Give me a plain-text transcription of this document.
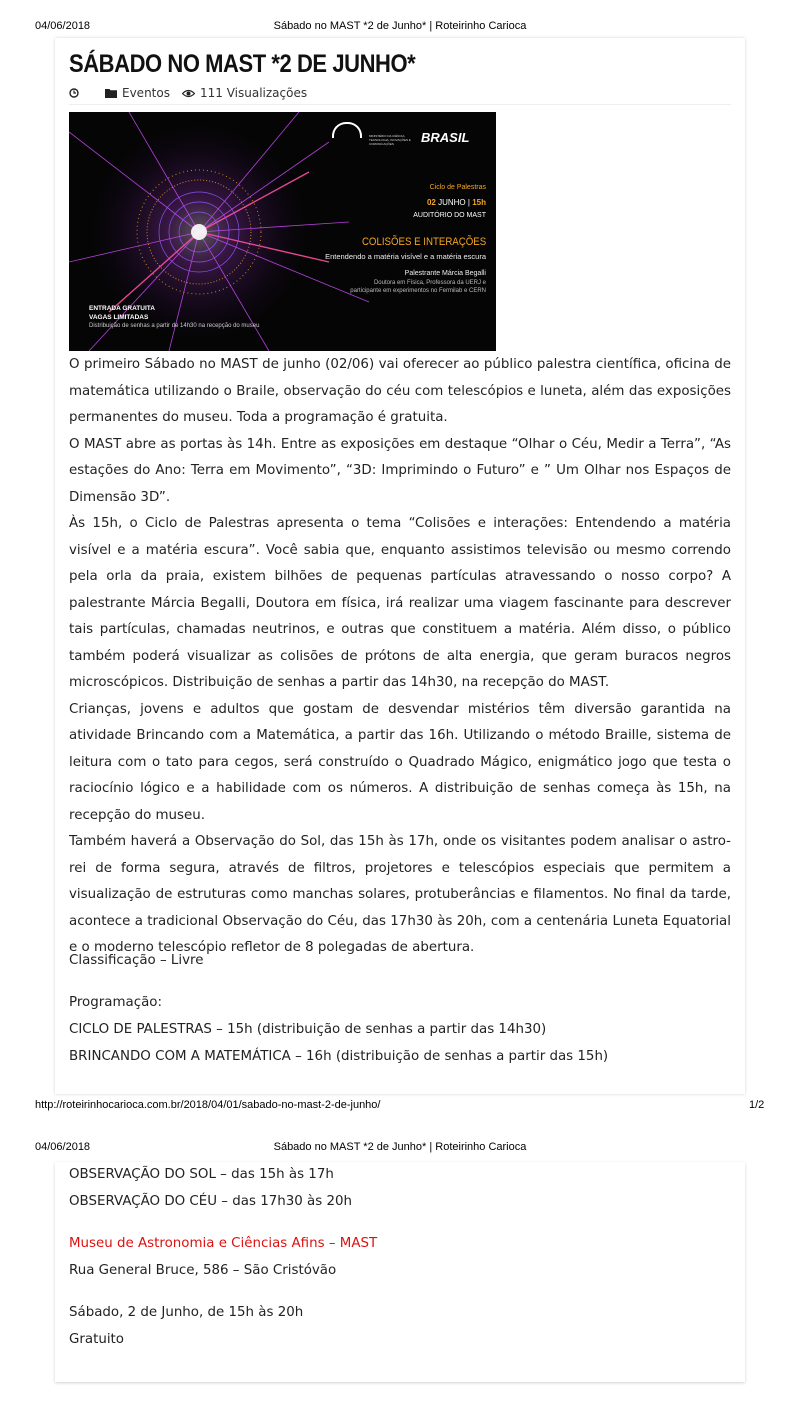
04/06/2018	Sábado no MAST *2 de Junho* | Roteirinho Carioca
SÁBADO NO MAST *2 DE JUNHO*
Eventos	111 Visualizações
MINISTÉRIO DA CIÊNCIA, TECNOLOGIA, INOVAÇÕES E COMUNICAÇÕES	BRASIL
Ciclo de Palestras
02 JUNHO | 15h
AUDITÓRIO DO MAST
COLISÕES E INTERAÇÕES
Entendendo a matéria visível e a matéria escura
Palestrante Márcia Begalli
Doutora em Física, Professora da UERJ e
participante em experimentos no Fermilab e CERN
ENTRADA GRATUITA
VAGAS LIMITADAS
Distribuição de senhas a partir de 14h30 na recepção do museu

O primeiro Sábado no MAST de junho (02/06) vai oferecer ao público palestra científica, oficina de matemática utilizando o Braile, observação do céu com telescópios e luneta, além das exposições permanentes do museu. Toda a programação é gratuita.

O MAST abre as portas às 14h. Entre as exposições em destaque “Olhar o Céu, Medir a Terra”, “As estações do Ano: Terra em Movimento”, “3D: Imprimindo o Futuro” e ” Um Olhar nos Espaços de Dimensão 3D”.

Às 15h, o Ciclo de Palestras apresenta o tema “Colisões e interações: Entendendo a matéria visível e a matéria escura”. Você sabia que, enquanto assistimos televisão ou mesmo correndo pela orla da praia, existem bilhões de pequenas partículas atravessando o nosso corpo? A palestrante Márcia Begalli, Doutora em física, irá realizar uma viagem fascinante para descrever tais partículas, chamadas neutrinos, e outras que constituem a matéria. Além disso, o público também poderá visualizar as colisões de prótons de alta energia, que geram buracos negros microscópicos. Distribuição de senhas a partir das 14h30, na recepção do MAST.

Crianças, jovens e adultos que gostam de desvendar mistérios têm diversão garantida na atividade Brincando com a Matemática, a partir das 16h. Utilizando o método Braille, sistema de leitura com o tato para cegos, será construído o Quadrado Mágico, enigmático jogo que testa o raciocínio lógico e a habilidade com os números. A distribuição de senhas começa às 15h, na recepção do museu.

Também haverá a Observação do Sol, das 15h às 17h, onde os visitantes podem analisar o astro-rei de forma segura, através de filtros, projetores e telescópios especiais que permitem a visualização de estruturas como manchas solares, protuberâncias e filamentos. No final da tarde, acontece a tradicional Observação do Céu, das 17h30 às 20h, com a centenária Luneta Equatorial e o moderno telescópio refletor de 8 polegadas de abertura.

Classificação – Livre
Programação:
CICLO DE PALESTRAS – 15h (distribuição de senhas a partir das 14h30)
BRINCANDO COM A MATEMÁTICA – 16h (distribuição de senhas a partir das 15h)
http://roteirinhocarioca.com.br/2018/04/01/sabado-no-mast-2-de-junho/	1/2
04/06/2018	Sábado no MAST *2 de Junho* | Roteirinho Carioca
OBSERVAÇÃO DO SOL – das 15h às 17h
OBSERVAÇÃO DO CÉU – das 17h30 às 20h
Museu de Astronomia e Ciências Afins – MAST
Rua General Bruce, 586 – São Cristóvão
Sábado, 2 de Junho, de 15h às 20h
Gratuito
